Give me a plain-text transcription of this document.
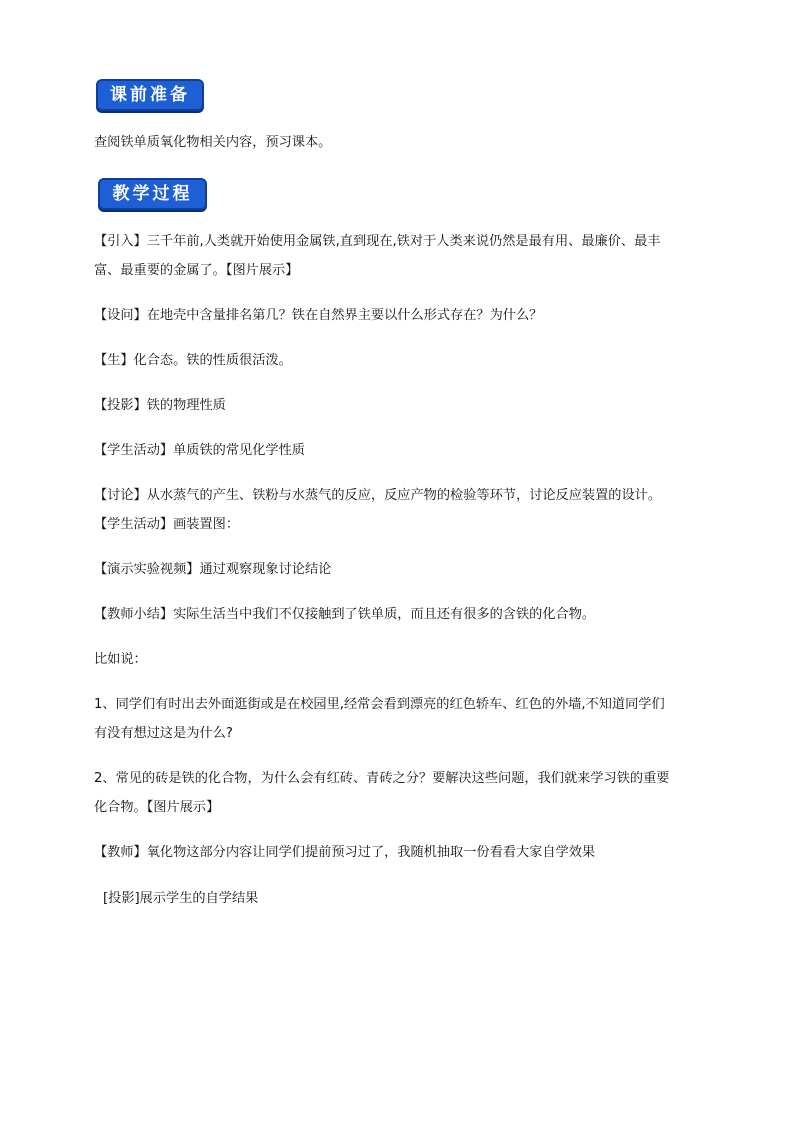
课前准备
查阅铁单质氧化物相关内容，预习课本。
教学过程
【引入】三千年前,人类就开始使用金属铁,直到现在,铁对于人类来说仍然是最有用、最廉价、最丰
富、最重要的金属了。【图片展示】
【设问】在地壳中含量排名第几？铁在自然界主要以什么形式存在？为什么？
【生】化合态。铁的性质很活泼。
【投影】铁的物理性质
【学生活动】单质铁的常见化学性质
【讨论】从水蒸气的产生、铁粉与水蒸气的反应，反应产物的检验等环节，讨论反应装置的设计。
【学生活动】画装置图：
【演示实验视频】通过观察现象讨论结论
【教师小结】实际生活当中我们不仅接触到了铁单质，而且还有很多的含铁的化合物。
比如说：
1、同学们有时出去外面逛街或是在校园里,经常会看到漂亮的红色轿车、红色的外墙,不知道同学们
有没有想过这是为什么?
2、常见的砖是铁的化合物，为什么会有红砖、青砖之分？要解决这些问题，我们就来学习铁的重要
化合物。【图片展示】
【教师】氧化物这部分内容让同学们提前预习过了，我随机抽取一份看看大家自学效果
[投影]展示学生的自学结果
